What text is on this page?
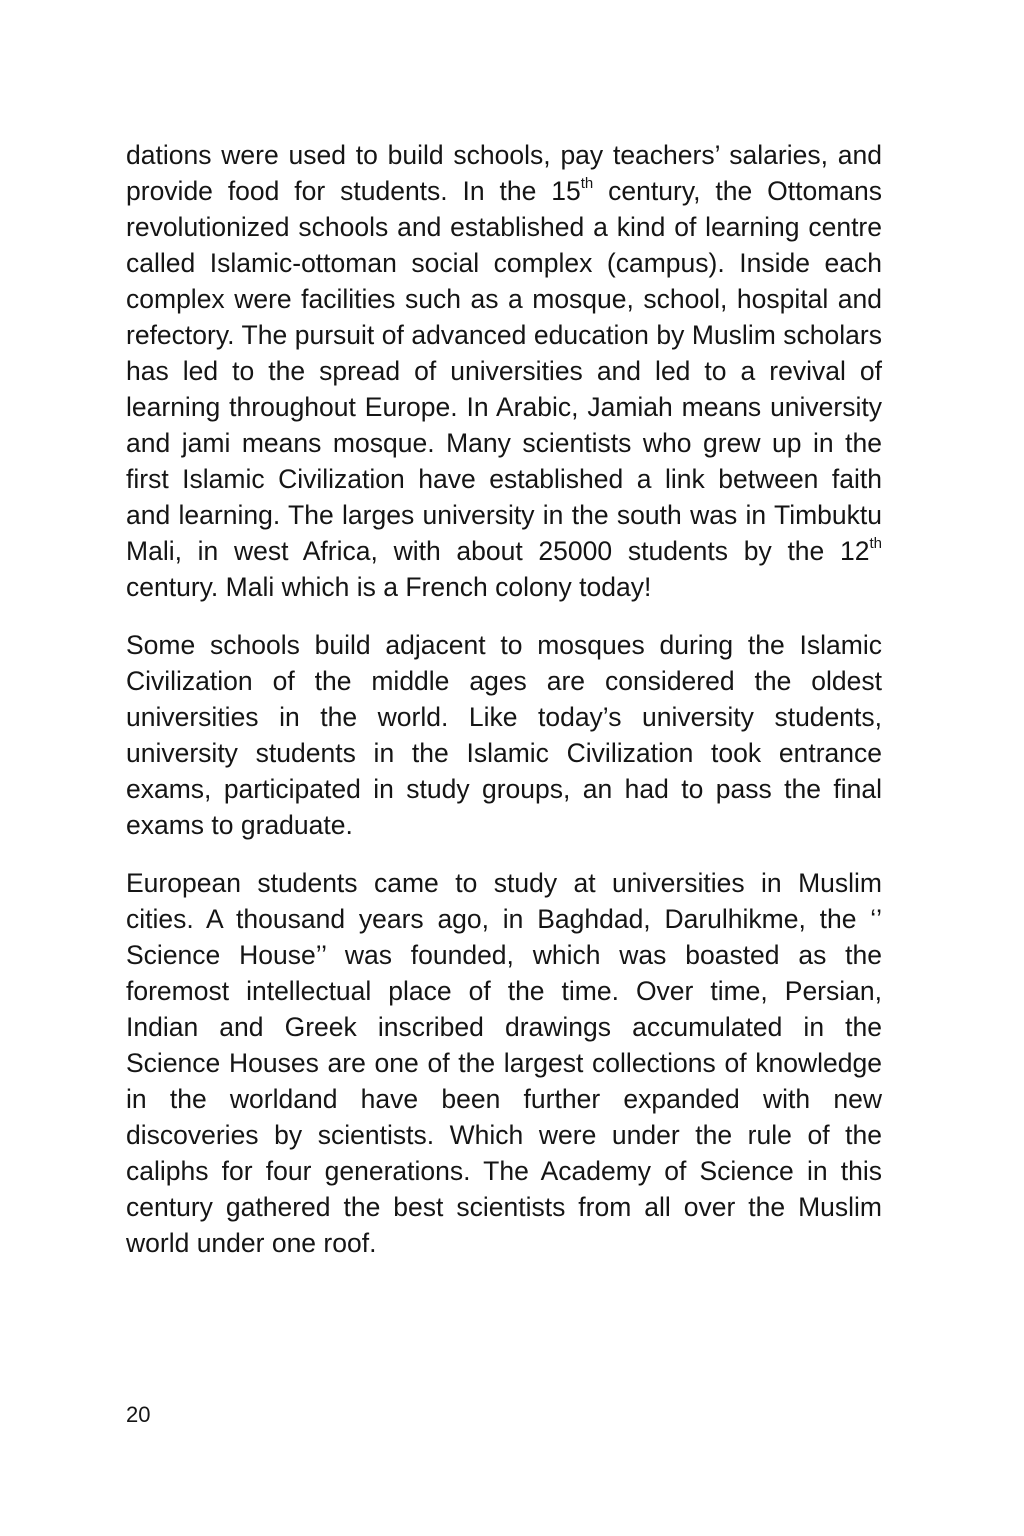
dations were used to build schools, pay teachers’ salaries, and provide food for students. In the 15th century, the Ottomans revolutionized schools and established a kind of learning centre called Islamic-ottoman social complex (campus). Inside each complex were facilities such as a mosque, school, hospital and refectory. The pursuit of advanced education by Muslim scholars has led to the spread of universities and led to a revival of learning throughout Europe. In Arabic, Jamiah means university and jami means mosque. Many scientists who grew up in the first Islamic Civilization have established a link between faith and learning. The larges university in the south was in Timbuktu Mali, in west Africa, with about 25000 students by the 12th century. Mali which is a French colony today!

Some schools build adjacent to mosques during the Islamic Civilization of the middle ages are considered the oldest universities in the world. Like today’s university students, university students in the Islamic Civilization took entrance exams, participated in study groups, an had to pass the final exams to graduate.

European students came to study at universities in Muslim cities. A thousand years ago, in Baghdad, Darulhikme, the ‘’ Science House’’ was founded, which was boasted as the foremost intellectual place of the time. Over time, Persian, Indian and Greek inscribed drawings accumulated in the Science Houses are one of the largest collections of knowledge in the worldand have been further expanded with new discoveries by scientists. Which were under the rule of the caliphs for four generations. The Academy of Science in this century gathered the best scientists from all over the Muslim world under one roof.

20
